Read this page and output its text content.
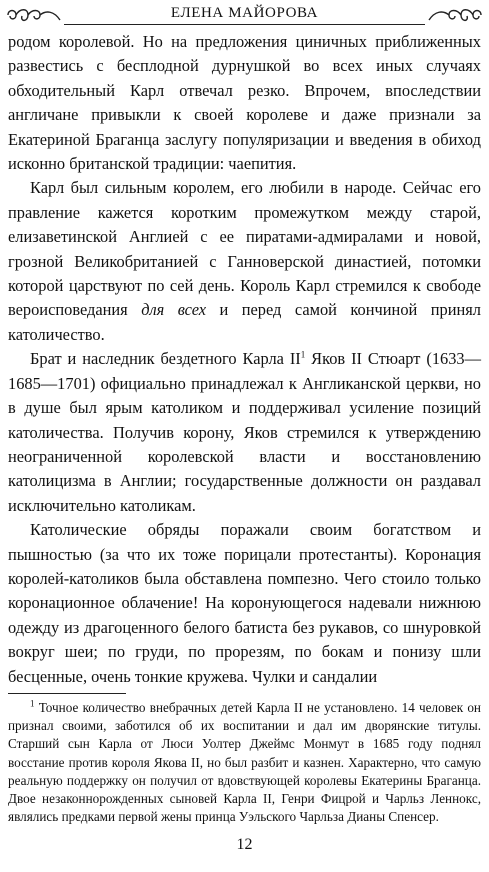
ЕЛЕНА МАЙОРОВА

родом королевой. Но на предложения циничных приближенных развестись с бесплодной дурнушкой во всех иных случаях обходительный Карл отвечал резко. Впрочем, впоследствии англичане привыкли к своей королеве и даже признали за Екатериной Браганца заслугу популяризации и введения в обиход исконно британской традиции: чаепития.

Карл был сильным королем, его любили в народе. Сейчас его правление кажется коротким промежутком между старой, елизаветинской Англией с ее пиратами-адмиралами и новой, грозной Великобританией с Ганноверской династией, потомки которой царствуют по сей день. Король Карл стремился к свободе вероисповедания для всех и перед самой кончиной принял католичество.

Брат и наследник бездетного Карла $II^1$ Яков II Стюарт (1633—1685—1701) официально принадлежал к Англиканской церкви, но в душе был ярым католиком и поддерживал усиление позиций католичества. Получив корону, Яков стремился к утверждению неограниченной королевской власти и восстановлению католицизма в Англии; государственные должности он раздавал исключительно католикам.

Католические обряды поражали своим богатством и пышностью (за что их тоже порицали протестанты). Коронация королей-католиков была обставлена помпезно. Чего стоило только коронационное облачение! На коронующегося надевали нижнюю одежду из драгоценного белого батиста без рукавов, со шнуровкой вокруг шеи; по груди, по прорезям, по бокам и понизу шли бесценные, очень тонкие кружева. Чулки и сандалии

$^1$ Точное количество внебрачных детей Карла II не установлено. 14 человек он признал своими, заботился об их воспитании и дал им дворянские титулы. Старший сын Карла от Люси Уолтер Джеймс Монмут в 1685 году поднял восстание против короля Якова II, но был разбит и казнен. Характерно, что самую реальную поддержку он получил от вдовствующей королевы Екатерины Браганца. Двое незаконнорожденных сыновей Карла II, Генри Фицрой и Чарльз Леннокс, являлись предками первой жены принца Уэльского Чарльза Дианы Спенсер.

12
